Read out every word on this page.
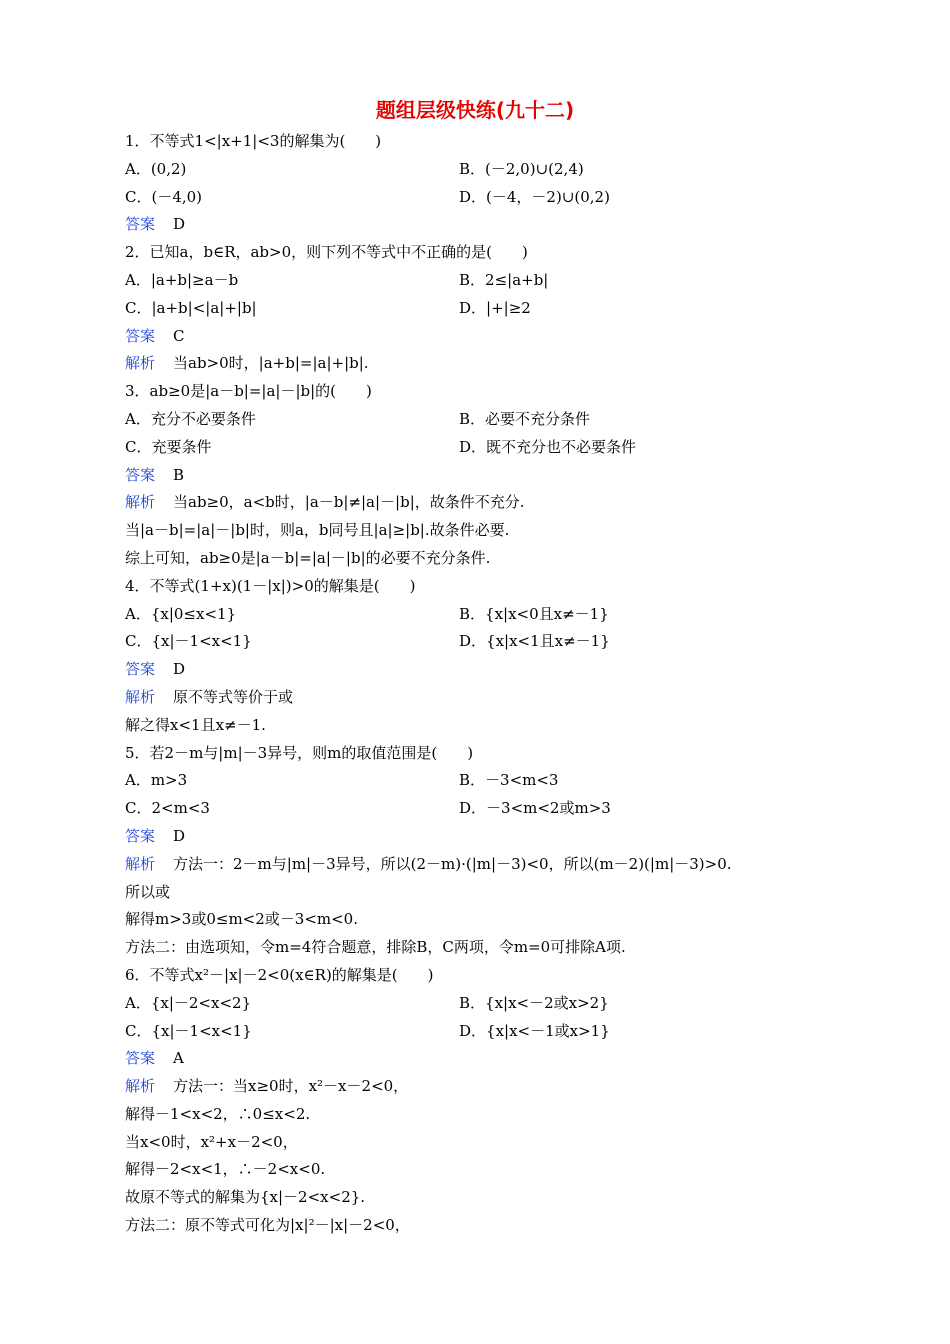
题组层级快练(九十二)
1．不等式1<|x+1|<3的解集为(　　)
A．(0,2)	B．(－2,0)∪(2,4)
C．(－4,0)	D．(－4，－2)∪(0,2)
答案 D
2．已知a，b∈R，ab>0，则下列不等式中不正确的是(　　)
A．|a+b|≥a－b	B．2≤|a+b|
C．|a+b|<|a|+|b|	D．|+|≥2
答案 C
解析 当ab>0时，|a+b|=|a|+|b|.
3．ab≥0是|a－b|=|a|－|b|的(　　)
A．充分不必要条件	B．必要不充分条件
C．充要条件	D．既不充分也不必要条件
答案 B
解析 当ab≥0，a<b时，|a－b|≠|a|－|b|，故条件不充分.
当|a－b|=|a|－|b|时，则a，b同号且|a|≥|b|.故条件必要.
综上可知，ab≥0是|a－b|=|a|－|b|的必要不充分条件.
4．不等式(1+x)(1－|x|)>0的解集是(　　)
A．{x|0≤x<1}	B．{x|x<0且x≠－1}
C．{x|－1<x<1}	D．{x|x<1且x≠－1}
答案 D
解析 原不等式等价于或
解之得x<1且x≠－1.
5．若2－m与|m|－3异号，则m的取值范围是(　　)
A．m>3	B．－3<m<3
C．2<m<3	D．－3<m<2或m>3
答案 D
解析 方法一：2－m与|m|－3异号，所以(2－m)·(|m|－3)<0，所以(m－2)(|m|－3)>0.
所以或
解得m>3或0≤m<2或－3<m<0.
方法二：由选项知，令m=4符合题意，排除B，C两项，令m=0可排除A项.
6．不等式x²－|x|－2<0(x∈R)的解集是(　　)
A．{x|－2<x<2}	B．{x|x<－2或x>2}
C．{x|－1<x<1}	D．{x|x<－1或x>1}
答案 A
解析 方法一：当x≥0时，x²－x－2<0，
解得－1<x<2，∴0≤x<2.
当x<0时，x²+x－2<0，
解得－2<x<1，∴－2<x<0.
故原不等式的解集为{x|－2<x<2}.
方法二：原不等式可化为|x|²－|x|－2<0，
